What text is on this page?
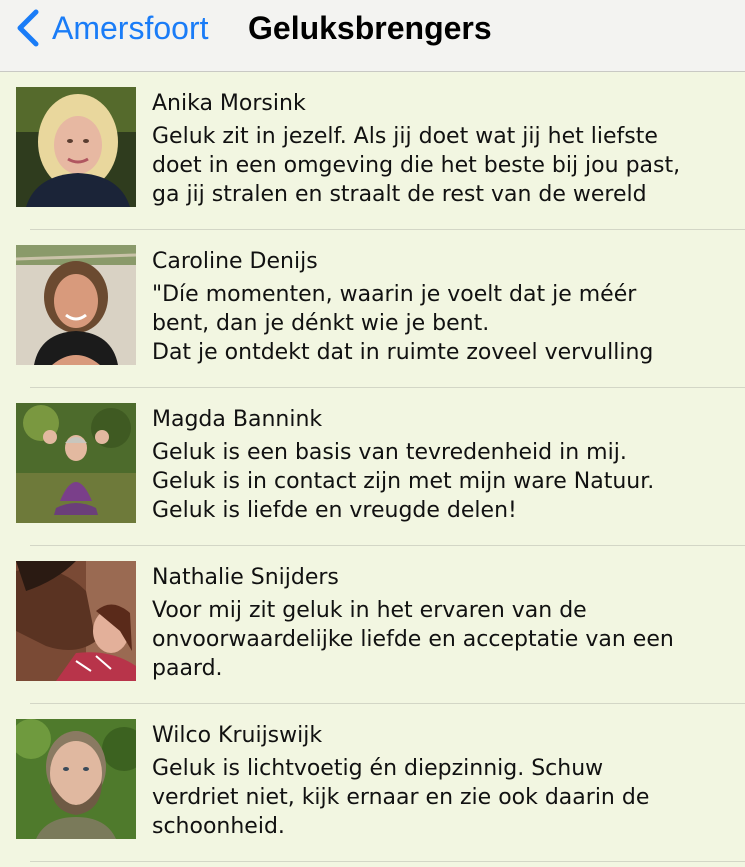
Amersfoort Geluksbrengers
Anika Morsink
Geluk zit in jezelf. Als jij doet wat jij het liefste
doet in een omgeving die het beste bij jou past,
ga jij stralen en straalt de rest van de wereld
Caroline Denijs
"Díe momenten, waarin je voelt dat je méér
bent, dan je dénkt wie je bent.
Dat je ontdekt dat in ruimte zoveel vervulling
Magda Bannink
Geluk is een basis van tevredenheid in mij.
Geluk is in contact zijn met mijn ware Natuur.
Geluk is liefde en vreugde delen!
Nathalie Snijders
Voor mij zit geluk in het ervaren van de
onvoorwaardelijke liefde en acceptatie van een
paard.
Wilco Kruijswijk
Geluk is lichtvoetig én diepzinnig. Schuw
verdriet niet, kijk ernaar en zie ook daarin de
schoonheid.
